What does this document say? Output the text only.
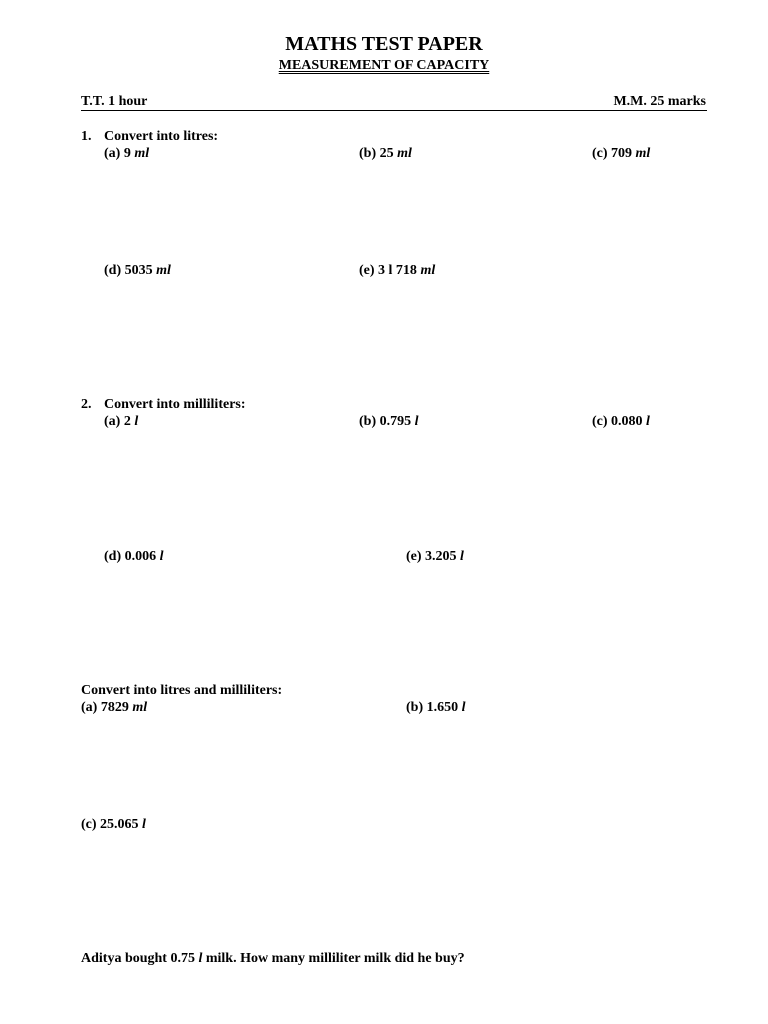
MATHS TEST PAPER
MEASUREMENT OF CAPACITY
T.T. 1 hour	M.M. 25 marks
1. Convert into litres:
(a) 9 ml	(b) 25 ml	(c) 709 ml
(d) 5035 ml	(e) 3 l 718 ml
2. Convert into milliliters:
(a) 2 l	(b) 0.795 l	(c) 0.080 l
(d) 0.006 l	(e) 3.205 l
Convert into litres and milliliters:
(a) 7829 ml	(b) 1.650 l
(c) 25.065 l
Aditya bought 0.75 l milk. How many milliliter milk did he buy?
